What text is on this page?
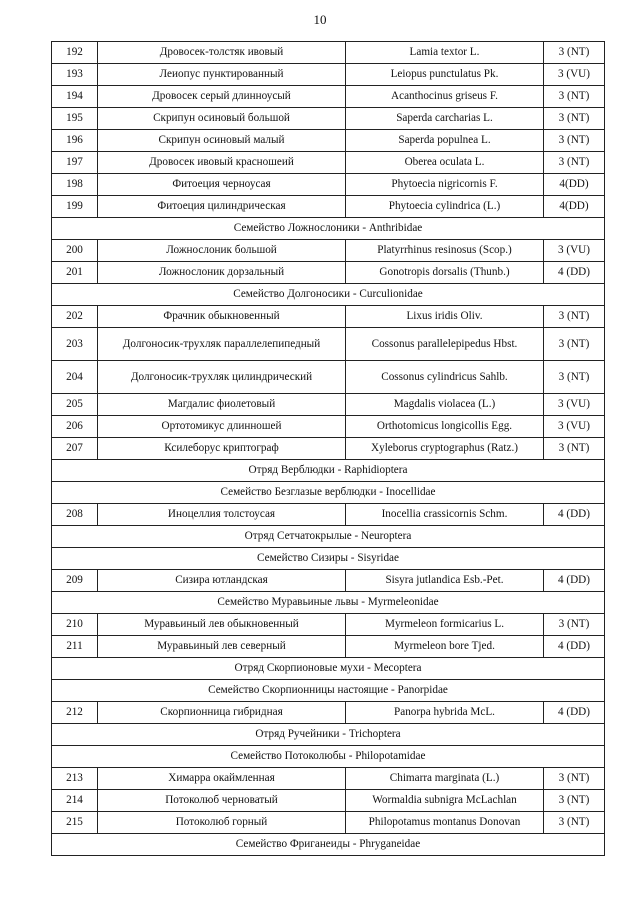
10
192	Дровосек-толстяк ивовый	Lamia textor L.	3 (NT)
193	Леиопус пунктированный	Leiopus punctulatus Pk.	3 (VU)
194	Дровосек серый длинноусый	Acanthocinus griseus F.	3 (NT)
195	Скрипун осиновый большой	Saperda carcharias L.	3 (NT)
196	Скрипун осиновый малый	Saperda populnea L.	3 (NT)
197	Дровосек ивовый красношеий	Oberea oculata L.	3 (NT)
198	Фитоеция черноусая	Phytoecia nigricornis F.	4(DD)
199	Фитоеция цилиндрическая	Phytoecia cylindrica (L.)	4(DD)
Семейство Ложнослоники - Anthribidae			
200	Ложнослоник большой	Platyrrhinus resinosus (Scop.)	3 (VU)
201	Ложнослоник дорзальный	Gonotropis dorsalis (Thunb.)	4 (DD)
Семейство Долгоносики - Curculionidae			
202	Фрачник обыкновенный	Lixus iridis Oliv.	3 (NT)
203	Долгоносик-трухляк параллелепипедный	Cossonus parallelepipedus Hbst.	3 (NT)
204	Долгоносик-трухляк цилиндрический	Cossonus cylindricus Sahlb.	3 (NT)
205	Магдалис фиолетовый	Magdalis violacea (L.)	3 (VU)
206	Ортотомикус длинношей	Orthotomicus longicollis Egg.	3 (VU)
207	Ксилеборус криптограф	Xyleborus cryptographus (Ratz.)	3 (NT)
Отряд Верблюдки - Raphidioptera			
Семейство Безглазые верблюдки - Inocellidae			
208	Иноцеллия толстоусая	Inocellia crassicornis Schm.	4 (DD)
Отряд Сетчатокрылые - Neuroptera			
Семейство Сизиры - Sisyridae			
209	Сизира ютландская	Sisyra jutlandica Esb.-Pet.	4 (DD)
Семейство Муравьиные львы - Myrmeleonidae			
210	Муравьиный лев обыкновенный	Myrmeleon formicarius L.	3 (NT)
211	Муравьиный лев северный	Myrmeleon bore Tjed.	4 (DD)
Отряд Скорпионовые мухи - Mecoptera			
Семейство Скорпионницы настоящие - Panorpidae			
212	Скорпионница гибридная	Panorpa hybrida McL.	4 (DD)
Отряд Ручейники - Trichoptera			
Семейство Потоколюбы - Philopotamidae			
213	Химарра окаймленная	Chimarra marginata (L.)	3 (NT)
214	Потоколюб черноватый	Wormaldia subnigra McLachlan	3 (NT)
215	Потоколюб горный	Philopotamus montanus Donovan	3 (NT)
Семейство Фриганеиды - Phryganeidae			
